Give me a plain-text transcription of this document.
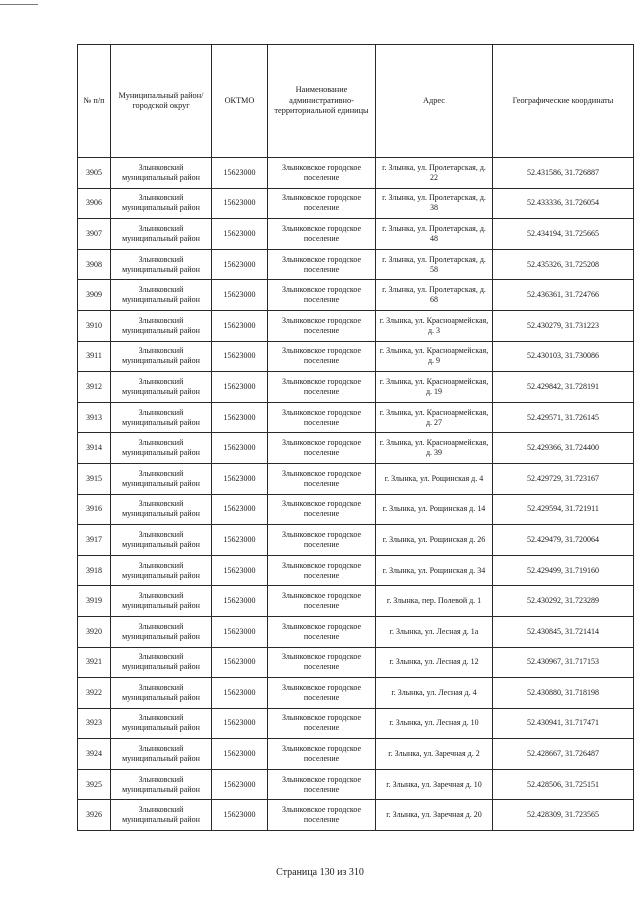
№ п/п	Муниципальный район/городской округ	ОКТМО	Наименование административно-территориальной единицы	Адрес	Географические координаты
3905	Злынковский муниципальный район	15623000	Злынковское городское поселение	г. Злынка, ул. Пролетарская, д. 22	52.431586, 31.726887
3906	Злынковский муниципальный район	15623000	Злынковское городское поселение	г. Злынка, ул. Пролетарская, д. 38	52.433336, 31.726054
3907	Злынковский муниципальный район	15623000	Злынковское городское поселение	г. Злынка, ул. Пролетарская, д. 48	52.434194, 31.725665
3908	Злынковский муниципальный район	15623000	Злынковское городское поселение	г. Злынка, ул. Пролетарская, д. 58	52.435326, 31.725208
3909	Злынковский муниципальный район	15623000	Злынковское городское поселение	г. Злынка, ул. Пролетарская, д. 68	52.436361, 31.724766
3910	Злынковский муниципальный район	15623000	Злынковское городское поселение	г. Злынка, ул. Красноармейская, д. 3	52.430279, 31.731223
3911	Злынковский муниципальный район	15623000	Злынковское городское поселение	г. Злынка, ул. Красноармейская, д. 9	52.430103, 31.730086
3912	Злынковский муниципальный район	15623000	Злынковское городское поселение	г. Злынка, ул. Красноармейская, д. 19	52.429842, 31.728191
3913	Злынковский муниципальный район	15623000	Злынковское городское поселение	г. Злынка, ул. Красноармейская, д. 27	52.429571, 31.726145
3914	Злынковский муниципальный район	15623000	Злынковское городское поселение	г. Злынка, ул. Красноармейская, д. 39	52.429366, 31.724400
3915	Злынковский муниципальный район	15623000	Злынковское городское поселение	г. Злынка, ул. Рощинская д. 4	52.429729, 31.723167
3916	Злынковский муниципальный район	15623000	Злынковское городское поселение	г. Злынка, ул. Рощинская д. 14	52.429594, 31.721911
3917	Злынковский муниципальный район	15623000	Злынковское городское поселение	г. Злынка, ул. Рощинская д. 26	52.429479, 31.720064
3918	Злынковский муниципальный район	15623000	Злынковское городское поселение	г. Злынка, ул. Рощинская д. 34	52.429499, 31.719160
3919	Злынковский муниципальный район	15623000	Злынковское городское поселение	г. Злынка, пер. Полевой д. 1	52.430292, 31.723289
3920	Злынковский муниципальный район	15623000	Злынковское городское поселение	г. Злынка, ул. Лесная д. 1а	52.430845, 31.721414
3921	Злынковский муниципальный район	15623000	Злынковское городское поселение	г. Злынка, ул. Лесная д. 12	52.430967, 31.717153
3922	Злынковский муниципальный район	15623000	Злынковское городское поселение	г. Злынка, ул. Лесная д. 4	52.430880, 31.718198
3923	Злынковский муниципальный район	15623000	Злынковское городское поселение	г. Злынка, ул. Лесная д. 10	52.430941, 31.717471
3924	Злынковский муниципальный район	15623000	Злынковское городское поселение	г. Злынка, ул. Заречная д. 2	52.428667, 31.726487
3925	Злынковский муниципальный район	15623000	Злынковское городское поселение	г. Злынка, ул. Заречная д. 10	52.428506, 31.725151
3926	Злынковский муниципальный район	15623000	Злынковское городское поселение	г. Злынка, ул. Заречная д. 20	52.428309, 31.723565
Страница 130 из 310
